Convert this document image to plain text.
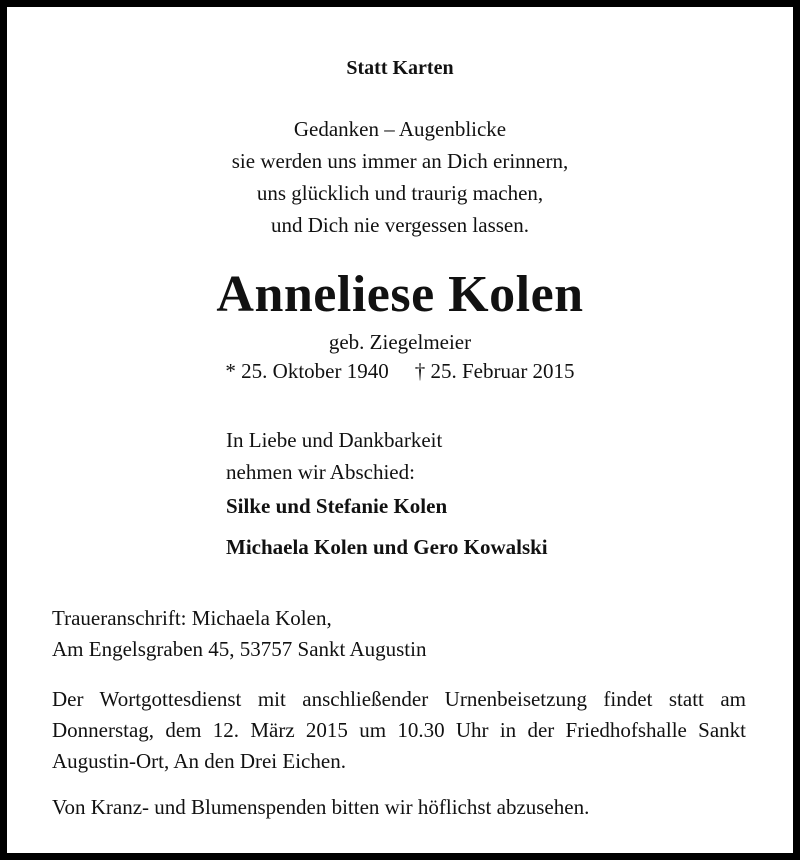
Statt Karten
Gedanken – Augenblicke
sie werden uns immer an Dich erinnern,
uns glücklich und traurig machen,
und Dich nie vergessen lassen.
Anneliese Kolen
geb. Ziegelmeier
* 25. Oktober 1940 † 25. Februar 2015
In Liebe und Dankbarkeit
nehmen wir Abschied:
Silke und Stefanie Kolen
Michaela Kolen und Gero Kowalski
Traueranschrift: Michaela Kolen,
Am Engelsgraben 45, 53757 Sankt Augustin
Der Wortgottesdienst mit anschließender Urnenbeisetzung findet statt am Donnerstag, dem 12. März 2015 um 10.30 Uhr in der Friedhofshalle Sankt Augustin-Ort, An den Drei Eichen.
Von Kranz- und Blumenspenden bitten wir höflichst abzusehen.
